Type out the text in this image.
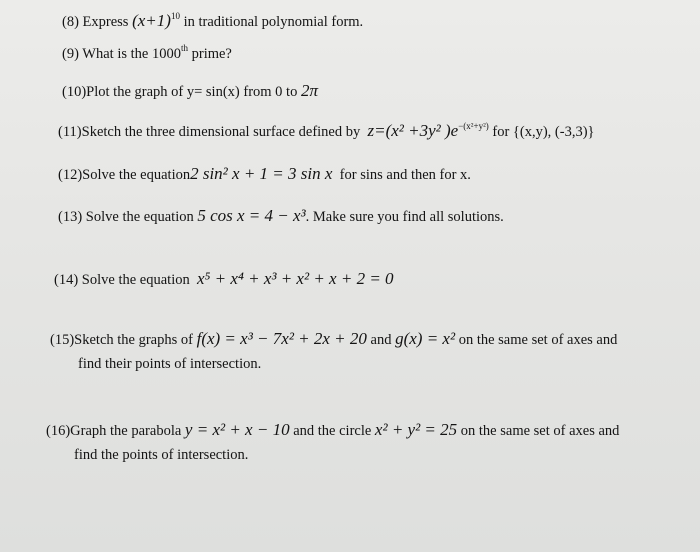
(8) Express $(x+1)^{10}$ in traditional polynomial form.
(9) What is the 1000th prime?
(10)Plot the graph of y= sin(x) from 0 to 2π
(11)Sketch the three dimensional surface defined by z=(x² +3y² )$e^{-(x^2+y^2)}$ for {(x,y), (-3,3)}
(12)Solve the equation2 sin² x + 1 = 3 sin x for sins and then for x.
(13) Solve the equation 5 cos x = 4 − x³. Make sure you find all solutions.
(14) Solve the equation x⁵ + x⁴ + x³ + x² + x + 2 = 0
(15)Sketch the graphs of f(x) = x³ − 7x² + 2x + 20 and g(x) = x² on the same set of axes and
find their points of intersection.
(16)Graph the parabola y = x² + x − 10 and the circle x² + y² = 25 on the same set of axes and
find the points of intersection.
